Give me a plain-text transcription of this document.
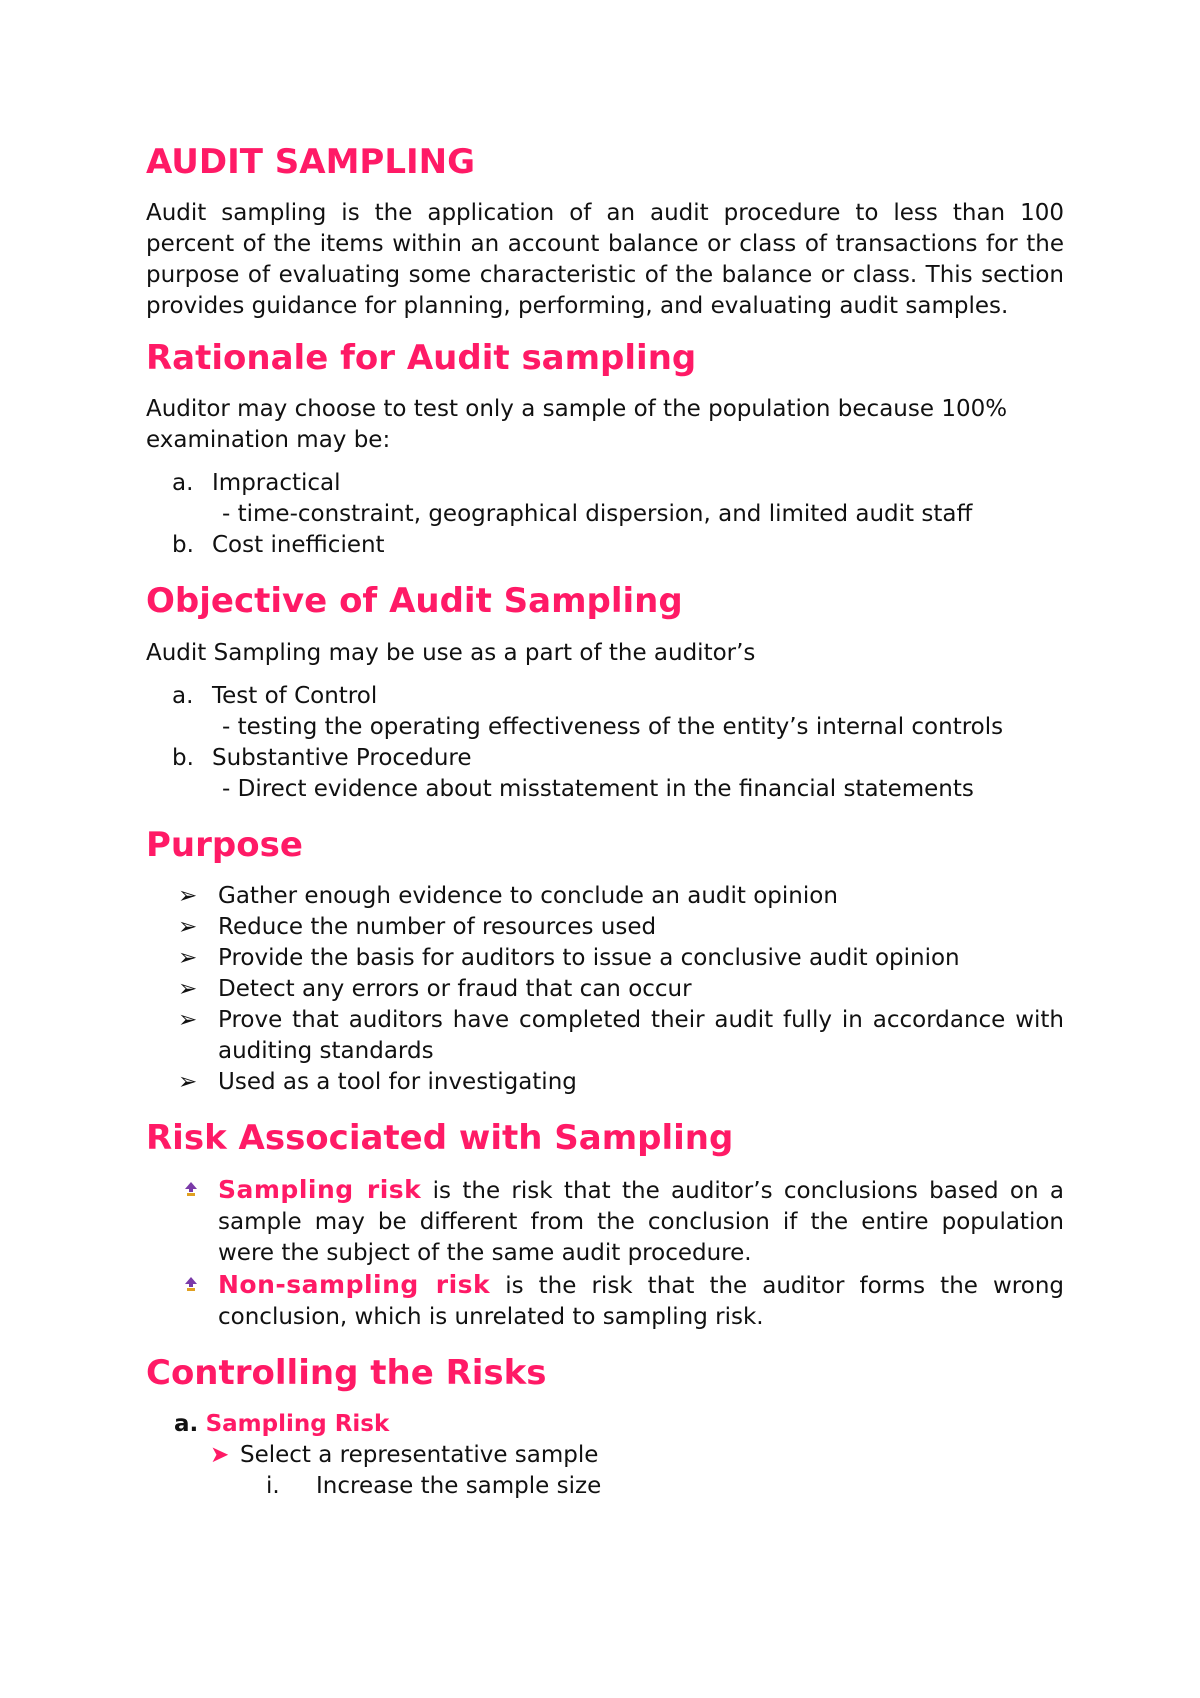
AUDIT SAMPLING

Audit sampling is the application of an audit procedure to less than 100 percent of the items within an account balance or class of transactions for the purpose of evaluating some characteristic of the balance or class. This section provides guidance for planning, performing, and evaluating audit samples.

Rationale for Audit sampling
Auditor may choose to test only a sample of the population because 100% examination may be:
a. Impractical
- time-constraint, geographical dispersion, and limited audit staff
b. Cost inefficient
Objective of Audit Sampling
Audit Sampling may be use as a part of the auditor’s
a. Test of Control
- testing the operating effectiveness of the entity’s internal controls
b. Substantive Procedure
- Direct evidence about misstatement in the financial statements
Purpose
➢ Gather enough evidence to conclude an audit opinion
➢ Reduce the number of resources used
➢ Provide the basis for auditors to issue a conclusive audit opinion
➢ Detect any errors or fraud that can occur
➢ Prove that auditors have completed their audit fully in accordance with auditing standards
➢ Used as a tool for investigating
Risk Associated with Sampling
Sampling risk is the risk that the auditor’s conclusions based on a sample may be different from the conclusion if the entire population were the subject of the same audit procedure.
Non-sampling risk is the risk that the auditor forms the wrong conclusion, which is unrelated to sampling risk.
Controlling the Risks
a. Sampling Risk
➤ Select a representative sample
i. Increase the sample size
